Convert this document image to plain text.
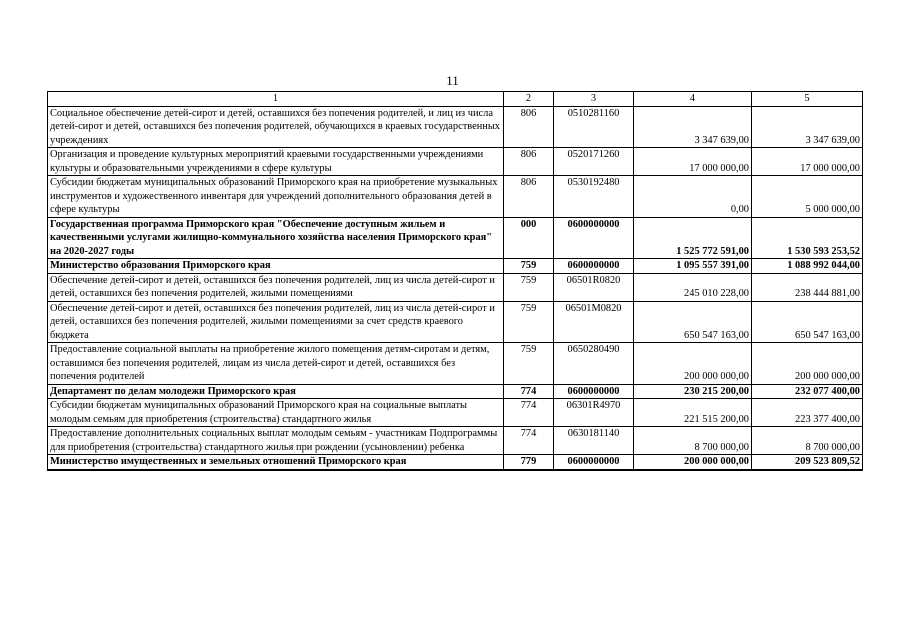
11
1	2	3	4	5
Социальное обеспечение детей-сирот и детей, оставшихся без попечения родителей, и лиц из числа детей-сирот и детей, оставшихся без попечения родителей, обучающихся в краевых государственных учреждениях	806	0510281160	3 347 639,00	3 347 639,00
Организация и проведение культурных мероприятий краевыми государственными учреждениями культуры и образовательными учреждениями в сфере культуры	806	0520171260	17 000 000,00	17 000 000,00
Субсидии бюджетам муниципальных образований Приморского края на приобретение музыкальных инструментов и художественного инвентаря для учреждений дополнительного образования детей в сфере культуры	806	0530192480	0,00	5 000 000,00
Государственная программа Приморского края "Обеспечение доступным жильем и качественными услугами жилищно-коммунального хозяйства населения Приморского края" на 2020-2027 годы	000	0600000000	1 525 772 591,00	1 530 593 253,52
Министерство образования Приморского края	759	0600000000	1 095 557 391,00	1 088 992 044,00
Обеспечение детей-сирот и детей, оставшихся без попечения родителей, лиц из числа детей-сирот и детей, оставшихся без попечения родителей, жилыми помещениями	759	06501R0820	245 010 228,00	238 444 881,00
Обеспечение детей-сирот и детей, оставшихся без попечения родителей, лиц из числа детей-сирот и детей, оставшихся без попечения родителей, жилыми помещениями за счет средств краевого бюджета	759	06501M0820	650 547 163,00	650 547 163,00
Предоставление социальной выплаты на приобретение жилого помещения детям-сиротам и детям, оставшимся без попечения родителей, лицам из числа детей-сирот и детей, оставшихся без попечения родителей	759	0650280490	200 000 000,00	200 000 000,00
Департамент по делам молодежи Приморского края	774	0600000000	230 215 200,00	232 077 400,00
Субсидии бюджетам муниципальных образований Приморского края на социальные выплаты молодым семьям для приобретения (строительства) стандартного жилья	774	06301R4970	221 515 200,00	223 377 400,00
Предоставление дополнительных социальных выплат молодым семьям - участникам Подпрограммы для приобретения (строительства) стандартного жилья при рождении (усыновлении) ребенка	774	0630181140	8 700 000,00	8 700 000,00
Министерство имущественных и земельных отношений Приморского края	779	0600000000	200 000 000,00	209 523 809,52
